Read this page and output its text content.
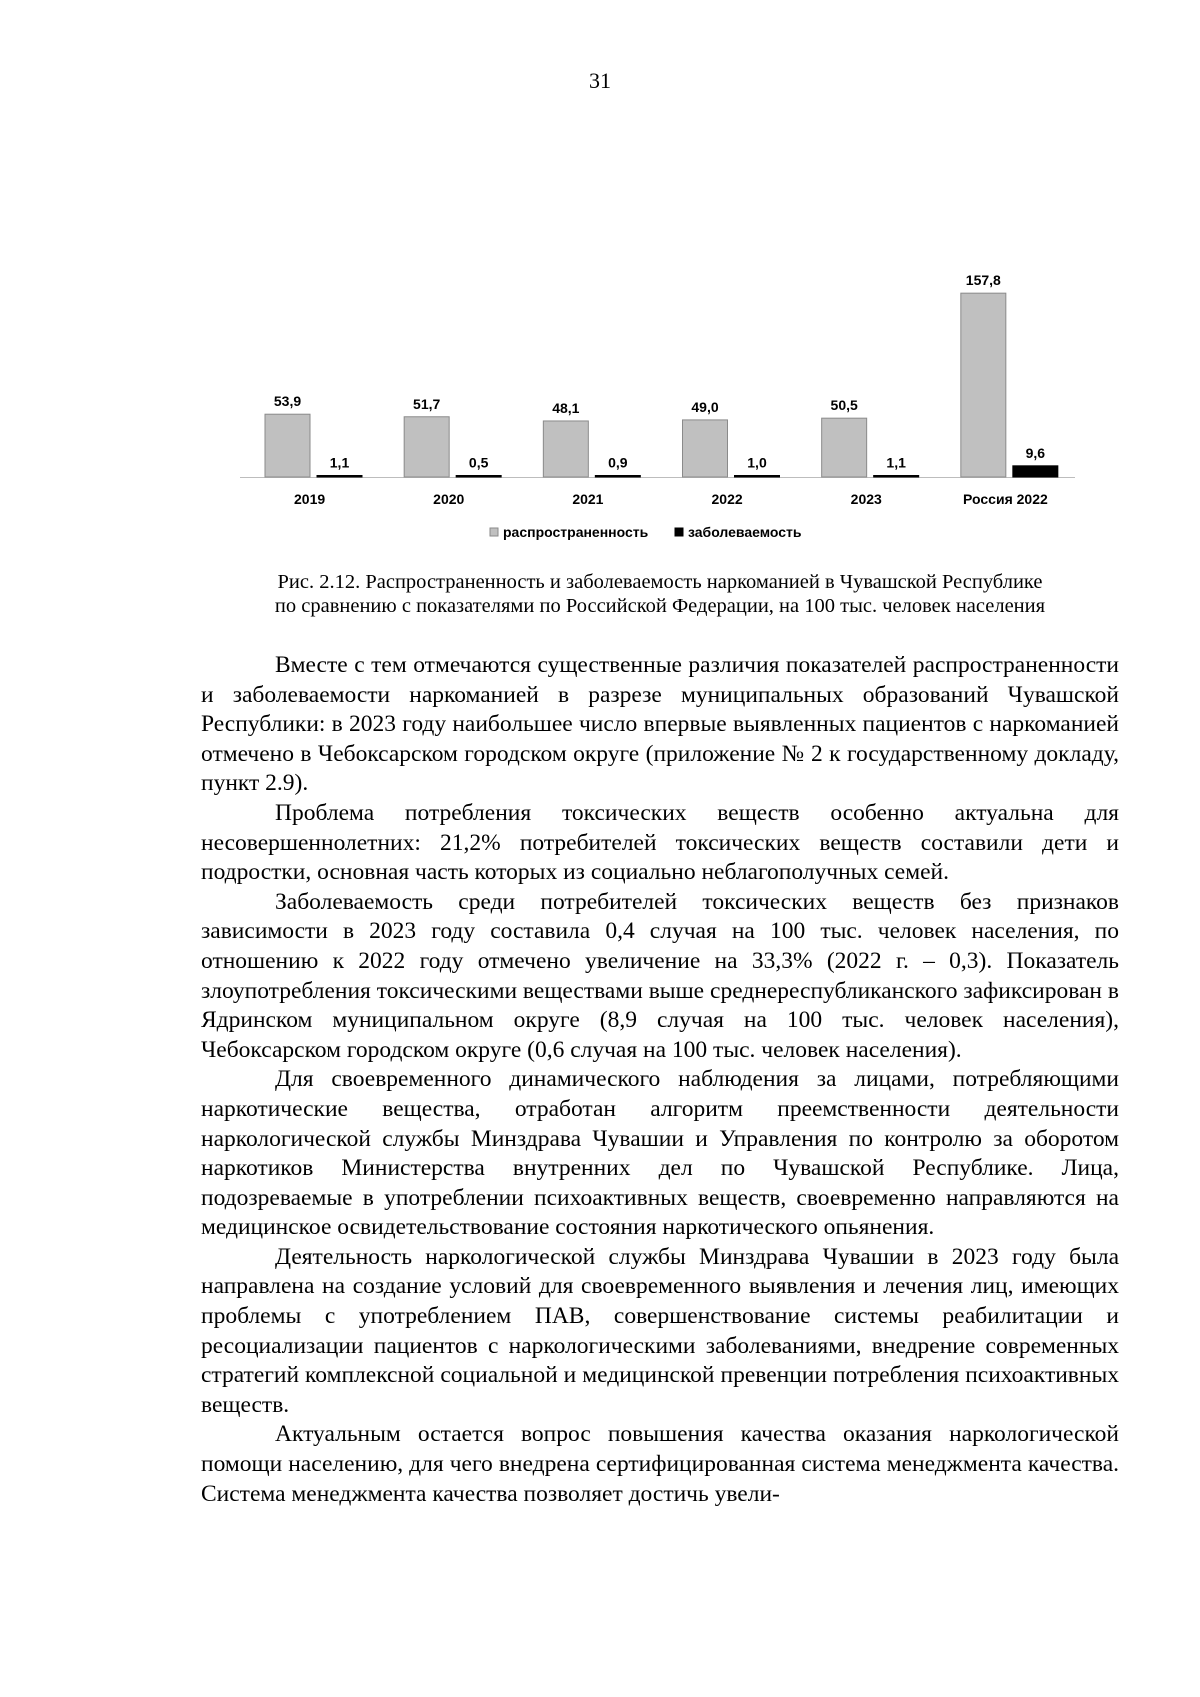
31
53,9
1,1
2019
51,7
0,5
2020
48,1
0,9
2021
49,0
1,0
2022
50,5
1,1
2023
157,8
9,6
Россия 2022
распространенность	заболеваемость
Рис. 2.12. Распространенность и заболеваемость наркоманией в Чувашской Республике
по сравнению с показателями по Российской Федерации, на 100 тыс. человек населения

Вместе с тем отмечаются существенные различия показателей распространенности и заболеваемости наркоманией в разрезе муниципальных образований Чувашской Республики: в 2023 году наибольшее число впервые выявленных пациентов с наркоманией отмечено в Чебоксарском городском округе (приложение № 2 к государственному докладу, пункт 2.9).

Проблема потребления токсических веществ особенно актуальна для несовершеннолетних: 21,2% потребителей токсических веществ составили дети и подростки, основная часть которых из социально неблагополучных семей.

Заболеваемость среди потребителей токсических веществ без признаков зависимости в 2023 году составила 0,4 случая на 100 тыс. человек населения, по отношению к 2022 году отмечено увеличение на 33,3% (2022 г. – 0,3). Показатель злоупотребления токсическими веществами выше среднереспубликанского зафиксирован в Ядринском муниципальном округе (8,9 случая на 100 тыс. человек населения), Чебоксарском городском округе (0,6 случая на 100 тыс. человек населения).

Для своевременного динамического наблюдения за лицами, потребляющими наркотические вещества, отработан алгоритм преемственности деятельности наркологической службы Минздрава Чувашии и Управления по контролю за оборотом наркотиков Министерства внутренних дел по Чувашской Республике. Лица, подозреваемые в употреблении психоактивных веществ, своевременно направляются на медицинское освидетельствование состояния наркотического опьянения.

Деятельность наркологической службы Минздрава Чувашии в 2023 году была направлена на создание условий для своевременного выявления и лечения лиц, имеющих проблемы с употреблением ПАВ, совершенствование системы реабилитации и ресоциализации пациентов с наркологическими заболеваниями, внедрение современных стратегий комплексной социальной и медицинской превенции потребления психоактивных веществ.

Актуальным остается вопрос повышения качества оказания наркологической помощи населению, для чего внедрена сертифицированная система менеджмента качества. Система менеджмента качества позволяет достичь увели-
